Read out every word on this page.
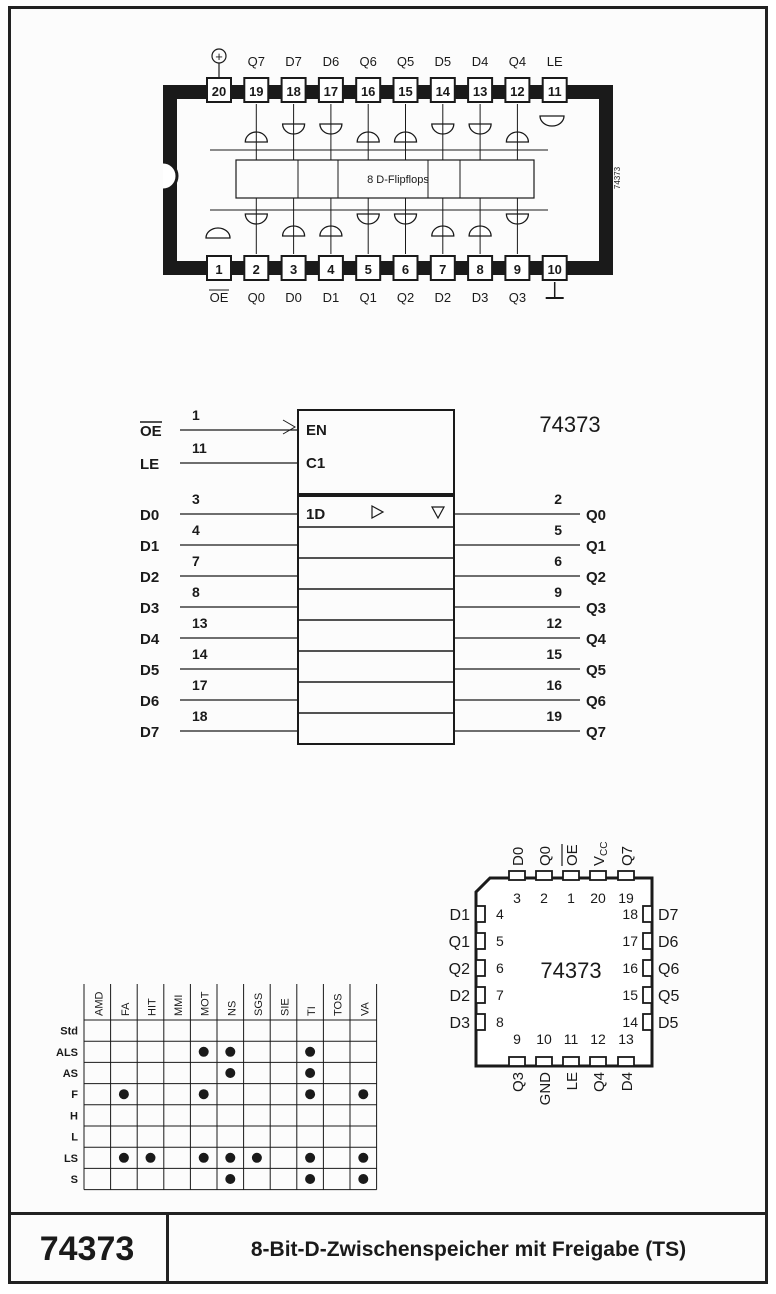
8 D-Flipflops	74373
20
+
19
Q7
18
D7
17
D6
16
Q6
15
Q5
14
D5
13
D4
12
Q4
11
LE
1
OE
2
Q0
3
D0
4
D1
5
Q1
6
Q2
7
D2
8
D3
9
Q3
10
74373
EN
C1
OE
1
LE
11
1D
D0
3
D1
4
D2
7
D3
8
D4
13
D5
14
D6
17
D7
18
Q0
2
Q1
5
Q2
6
Q3
9
Q4
12
Q5
15
Q6
16
Q7
19
74373
3
D0
2
Q0
1
OE
20
$V_{CC}$
19
Q7
D1 4
Q1 5
Q2 6
D2 7
D3 8
D7
18
D6
17
Q6
16
Q5
15
D5
14
9
Q3
10
GND
11
LE
12
Q4
13
D4
AMD FA HIT MMI MOT NS SGS SIE TI TOS VA
Std
ALS
AS
F
H
L
LS
S
74373	8-Bit-D-Zwischenspeicher mit Freigabe (TS)
